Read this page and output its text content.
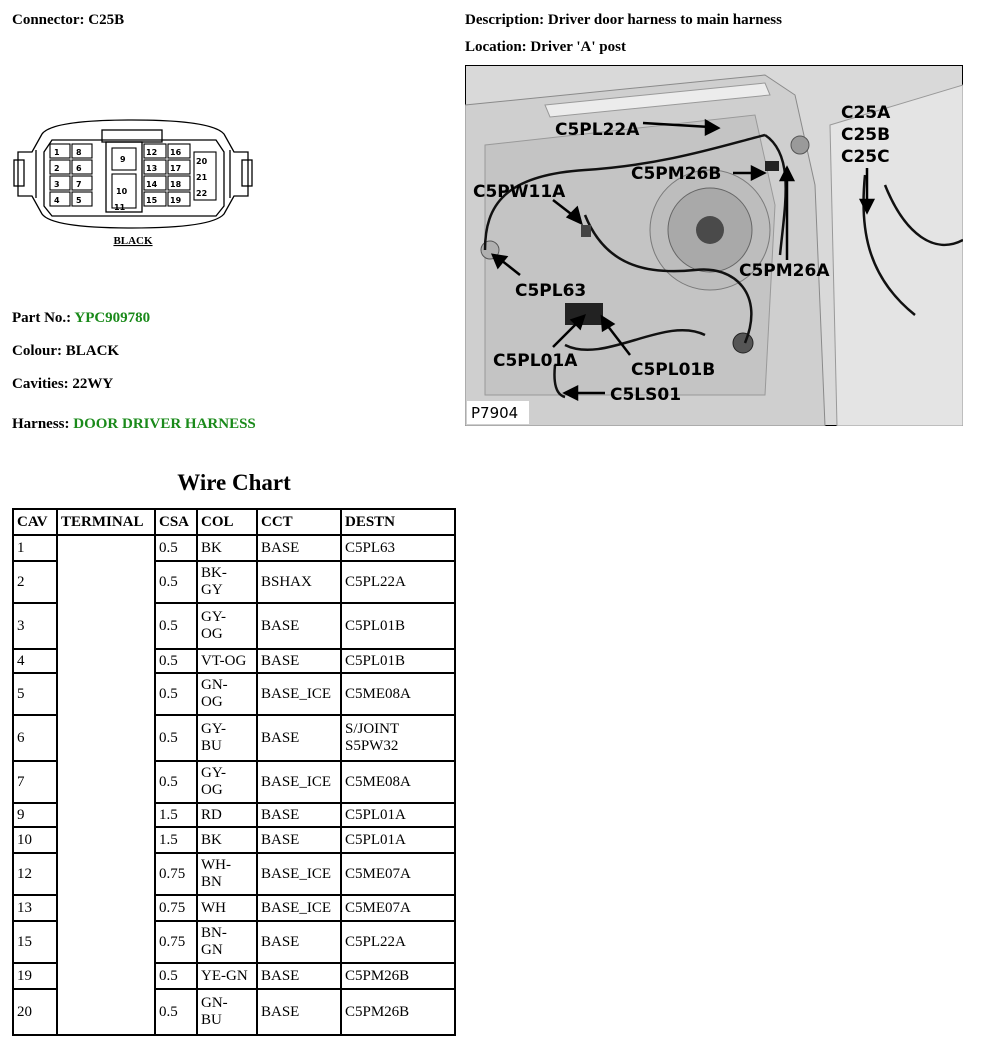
Connector: C25B	Description: Driver door harness to main harness
Location: Driver 'A' post
1 8
2 6
3 7
4 5
9
10
11
12
13
14
15
16
17
18
19
20
21
22
BLACK
C5PL22A
C25A
C25B
C25C
C5PM26B
C5PW11A
C5PM26A
C5PL63
C5PL01A	C5PL01B
C5LS01
P7904
Part No.: YPC909780
Colour: BLACK
Cavities: 22WY
Harness: DOOR DRIVER HARNESS
Wire Chart
CAV	TERMINAL	CSA	COL	CCT	DESTN
1		0.5	BK	BASE	C5PL63
2		0.5	BK-
GY	BSHAX	C5PL22A
3		0.5	GY-
OG	BASE	C5PL01B
4		0.5	VT-OG	BASE	C5PL01B
5		0.5	GN-
OG	BASE_ICE	C5ME08A
6		0.5	GY-
BU	BASE	S/JOINT
S5PW32
7		0.5	GY-
OG	BASE_ICE	C5ME08A
9		1.5	RD	BASE	C5PL01A
10		1.5	BK	BASE	C5PL01A
12		0.75	WH-
BN	BASE_ICE	C5ME07A
13		0.75	WH	BASE_ICE	C5ME07A
15		0.75	BN-
GN	BASE	C5PL22A
19		0.5	YE-GN	BASE	C5PM26B
20		0.5	GN-
BU	BASE	C5PM26B
